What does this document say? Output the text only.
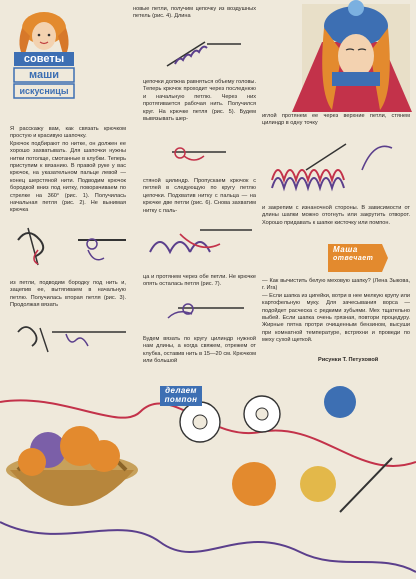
советы
маши
искусницы
Я расскажу вам, как связать крючком простую и красивую шапочку.
Крючок подбирают по нитке, он должен ее хорошо захватывать. Для шапочки нужны нитки потолще, смотанные в клубки. Теперь приступим к вязанию. В правой руке у вас крючок, на указательном пальце левой — конец шерстяной нити. Подводим крючок бородкой вниз под нитку, поворачиваем по стрелке на 360° (рис. 1). Получилась начальная петля (рис. 2). Не вынимая крючка
из петли, подводим бородку под нить и, зацепив ее, вытягиваем в начальную петлю. Получилась вторая петля (рис. 3). Продолжая вязать
новые петли, получим цепочку из воздушных петель (рис. 4). Длина
цепочки должна равняться объему головы. Теперь крючок проходит через последнюю и начальную петлю. Через них протягивается рабочая нить. Получился круг. На крючке петля (рис. 5). Будем вывязывать шер-
стяной цилиндр. Пропускаем крючок с петлей в следующую по кругу петлю цепочки. Подхватив нитку с пальца — на крючке две петли (рис. 6). Снова захватим нитку с паль-
ца и протянем через обе петли. Не крючке опять осталась петля (рис. 7).
Будем вязать по кругу цилиндр нужной нам длины, а когда свяжем, отрежем от клубка, оставив нить в 15—20 см. Крючком или большой
иглой протянем ее через верхние петли, стянем цилиндр в одну точку
и закрепим с изнаночной стороны. В зависимости от длины шапки можно отогнуть или закрутить отворот. Хорошо придавать к шапке кисточку или помпон.
Маша
отвечает
— Как вычистить белую меховую шапку? (Лена Зыкова, г. Ига)
— Если шапка из цигейки, вотри в нее мелкую крупу или картофельную муку. Для зачесывания ворса — подойдет расческа с редкими зубьями. Мех тщательно выбей. Если шапка очень грязная, повтори процедуру. Жирные пятна протри очищенным бензином, высуши при комнатной температуре, встряхни и проведи по меху сухой щеткой.
Рисунки Т. Петуховой
делаем
помпон
